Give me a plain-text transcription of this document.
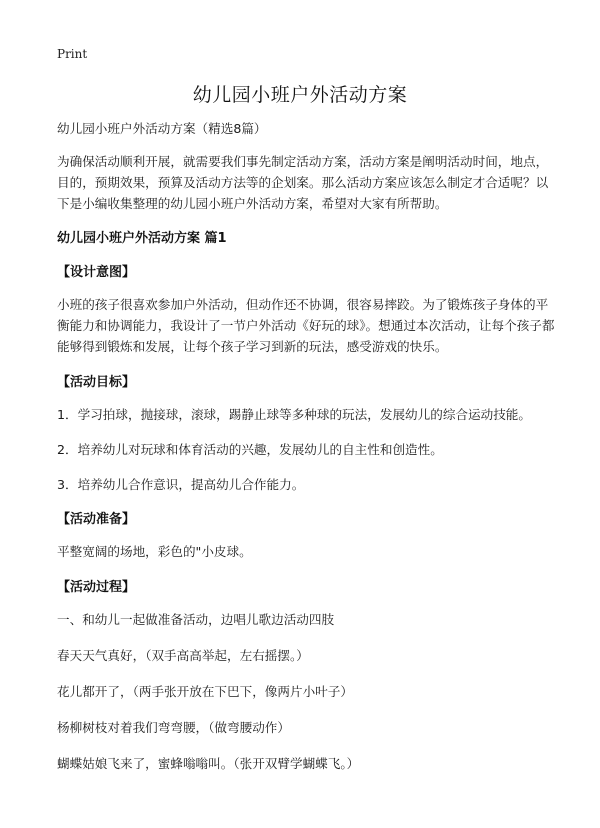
Print
幼儿园小班户外活动方案

幼儿园小班户外活动方案（精选8篇）

为确保活动顺利开展，就需要我们事先制定活动方案，活动方案是阐明活动时间，地点，目的，预期效果，预算及活动方法等的企划案。那么活动方案应该怎么制定才合适呢？以下是小编收集整理的幼儿园小班户外活动方案，希望对大家有所帮助。

幼儿园小班户外活动方案 篇1

【设计意图】

小班的孩子很喜欢参加户外活动，但动作还不协调，很容易摔跤。为了锻炼孩子身体的平衡能力和协调能力，我设计了一节户外活动《好玩的球》。想通过本次活动，让每个孩子都能够得到锻炼和发展，让每个孩子学习到新的玩法，感受游戏的快乐。

【活动目标】

1．学习拍球，抛接球，滚球，踢静止球等多种球的玩法，发展幼儿的综合运动技能。

2．培养幼儿对玩球和体育活动的兴趣，发展幼儿的自主性和创造性。

3．培养幼儿合作意识，提高幼儿合作能力。

【活动准备】

平整宽阔的场地，彩色的"小皮球。

【活动过程】

一、和幼儿一起做准备活动，边唱儿歌边活动四肢

春天天气真好，（双手高高举起，左右摇摆。）

花儿都开了，（两手张开放在下巴下，像两片小叶子）

杨柳树枝对着我们弯弯腰，（做弯腰动作）

蝴蝶姑娘飞来了，蜜蜂嗡嗡叫。（张开双臂学蝴蝶飞。）
